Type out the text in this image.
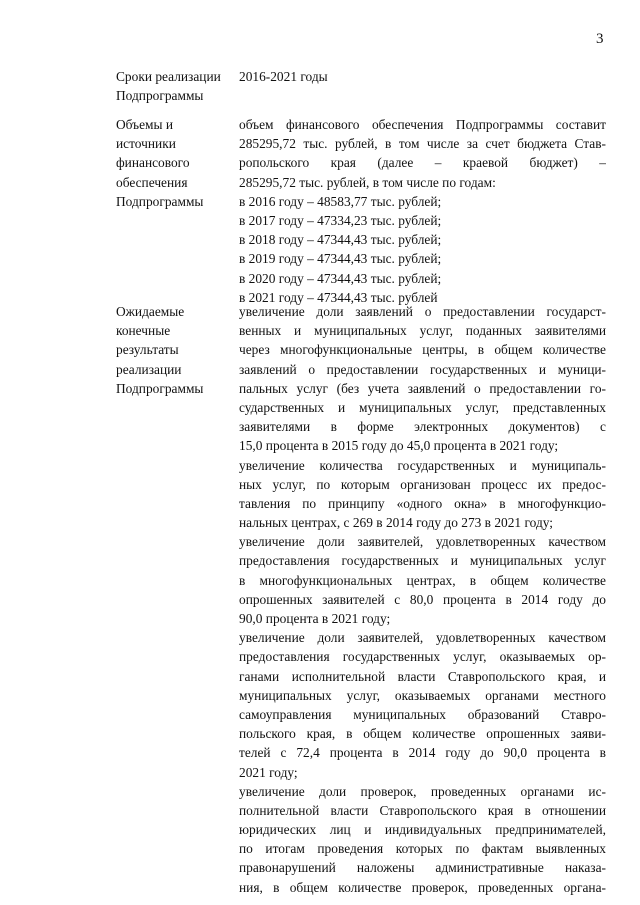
3
Сроки реализации
Подпрограммы
2016-2021 годы
Объемы и
источники
финансового
обеспечения
Подпрограммы
объем финансового обеспечения Подпрограммы составит
285295,72 тыс. рублей, в том числе за счет бюджета Став-
ропольского края (далее – краевой бюджет) –
285295,72 тыс. рублей, в том числе по годам:
в 2016 году – 48583,77 тыс. рублей;
в 2017 году – 47334,23 тыс. рублей;
в 2018 году – 47344,43 тыс. рублей;
в 2019 году – 47344,43 тыс. рублей;
в 2020 году – 47344,43 тыс. рублей;
в 2021 году – 47344,43 тыс. рублей
Ожидаемые
конечные
результаты
реализации
Подпрограммы
увеличение доли заявлений о предоставлении государст-
венных и муниципальных услуг, поданных заявителями
через многофункциональные центры, в общем количестве
заявлений о предоставлении государственных и муници-
пальных услуг (без учета заявлений о предоставлении го-
сударственных и муниципальных услуг, представленных
заявителями в форме электронных документов) с
15,0 процента в 2015 году до 45,0 процента в 2021 году;
увеличение количества государственных и муниципаль-
ных услуг, по которым организован процесс их предос-
тавления по принципу «одного окна» в многофункцио-
нальных центрах, с 269 в 2014 году до 273 в 2021 году;
увеличение доли заявителей, удовлетворенных качеством
предоставления государственных и муниципальных услуг
в многофункциональных центрах, в общем количестве
опрошенных заявителей с 80,0 процента в 2014 году до
90,0 процента в 2021 году;
увеличение доли заявителей, удовлетворенных качеством
предоставления государственных услуг, оказываемых ор-
ганами исполнительной власти Ставропольского края, и
муниципальных услуг, оказываемых органами местного
самоуправления муниципальных образований Ставро-
польского края, в общем количестве опрошенных заяви-
телей с 72,4 процента в 2014 году до 90,0 процента в
2021 году;
увеличение доли проверок, проведенных органами ис-
полнительной власти Ставропольского края в отношении
юридических лиц и индивидуальных предпринимателей,
по итогам проведения которых по фактам выявленных
правонарушений наложены административные наказа-
ния, в общем количестве проверок, проведенных органа-
